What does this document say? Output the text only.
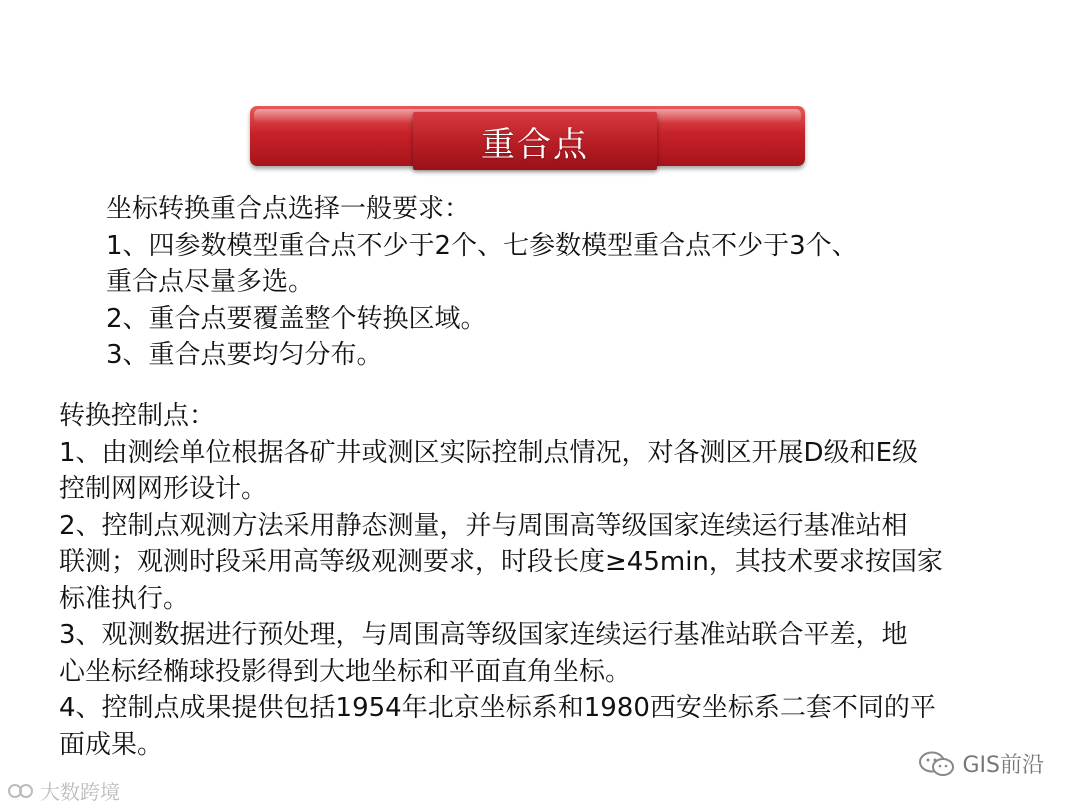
重合点

坐标转换重合点选择一般要求：

1、四参数模型重合点不少于2个、七参数模型重合点不少于3个、

重合点尽量多选。

2、重合点要覆盖整个转换区域。

3、重合点要均匀分布。

转换控制点：

1、由测绘单位根据各矿井或测区实际控制点情况，对各测区开展D级和E级

控制网网形设计。

2、控制点观测方法采用静态测量，并与周围高等级国家连续运行基准站相

联测；观测时段采用高等级观测要求，时段长度≥45min，其技术要求按国家

标准执行。

3、观测数据进行预处理，与周围高等级国家连续运行基准站联合平差，地

心坐标经椭球投影得到大地坐标和平面直角坐标。

4、控制点成果提供包括1954年北京坐标系和1980西安坐标系二套不同的平

面成果。

GIS前沿
大数跨境
